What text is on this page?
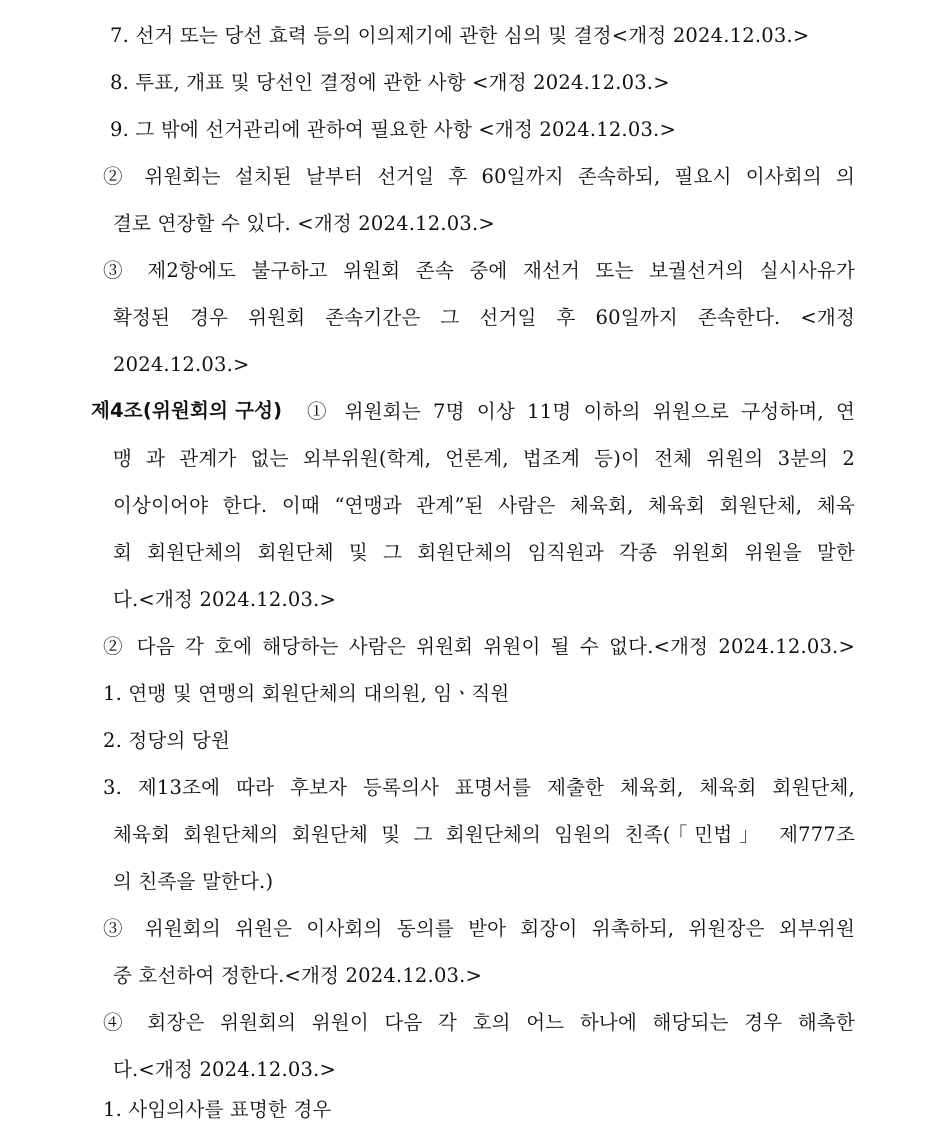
7. 선거 또는 당선 효력 등의 이의제기에 관한 심의 및 결정<개정 2024.12.03.>
8. 투표, 개표 및 당선인 결정에 관한 사항 <개정 2024.12.03.>
9. 그 밖에 선거관리에 관하여 필요한 사항 <개정 2024.12.03.>
② 위원회는 설치된 날부터 선거일 후 60일까지 존속하되, 필요시 이사회의 의
결로 연장할 수 있다. <개정 2024.12.03.>
③ 제2항에도 불구하고 위원회 존속 중에 재선거 또는 보궐선거의 실시사유가
확정된 경우 위원회 존속기간은 그 선거일 후 60일까지 존속한다. <개정
2024.12.03.>
제4조(위원회의 구성) ① 위원회는 7명 이상 11명 이하의 위원으로 구성하며, 연
맹 과 관계가 없는 외부위원(학계, 언론계, 법조계 등)이 전체 위원의 3분의 2
이상이어야 한다. 이때 “연맹과 관계”된 사람은 체육회, 체육회 회원단체, 체육
회 회원단체의 회원단체 및 그 회원단체의 임직원과 각종 위원회 위원을 말한
다.<개정 2024.12.03.>
② 다음 각 호에 해당하는 사람은 위원회 위원이 될 수 없다.<개정 2024.12.03.>
1. 연맹 및 연맹의 회원단체의 대의원, 임ㆍ직원
2. 정당의 당원
3. 제13조에 따라 후보자 등록의사 표명서를 제출한 체육회, 체육회 회원단체,
체육회 회원단체의 회원단체 및 그 회원단체의 임원의 친족(「민법」 제777조
의 친족을 말한다.)
③ 위원회의 위원은 이사회의 동의를 받아 회장이 위촉하되, 위원장은 외부위원
중 호선하여 정한다.<개정 2024.12.03.>
④ 회장은 위원회의 위원이 다음 각 호의 어느 하나에 해당되는 경우 해촉한
다.<개정 2024.12.03.>
1. 사임의사를 표명한 경우
